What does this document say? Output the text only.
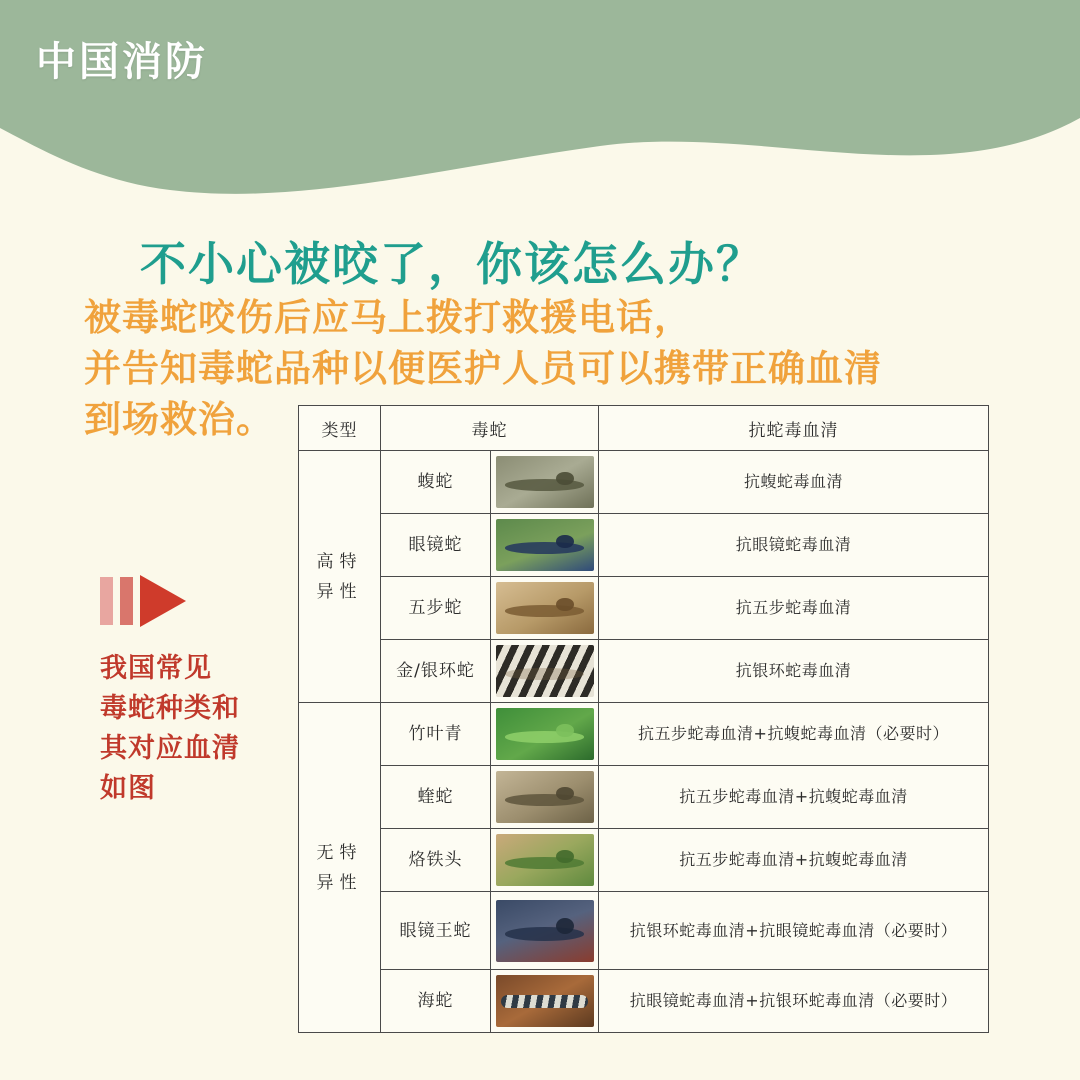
中国消防
不小心被咬了，你该怎么办？
被毒蛇咬伤后应马上拨打救援电话，
并告知毒蛇品种以便医护人员可以携带正确血清
到场救治。
我国常见
毒蛇种类和
其对应血清
如图
类型	毒蛇		抗蛇毒血清
高特异性	蝮蛇		抗蝮蛇毒血清
	眼镜蛇		抗眼镜蛇毒血清
	五步蛇		抗五步蛇毒血清
	金/银环蛇		抗银环蛇毒血清
无特异性	竹叶青		抗五步蛇毒血清+抗蝮蛇毒血清（必要时）
	蝰蛇		抗五步蛇毒血清+抗蝮蛇毒血清
	烙铁头		抗五步蛇毒血清+抗蝮蛇毒血清
	眼镜王蛇		抗银环蛇毒血清+抗眼镜蛇毒血清（必要时）
	海蛇		抗眼镜蛇毒血清+抗银环蛇毒血清（必要时）
